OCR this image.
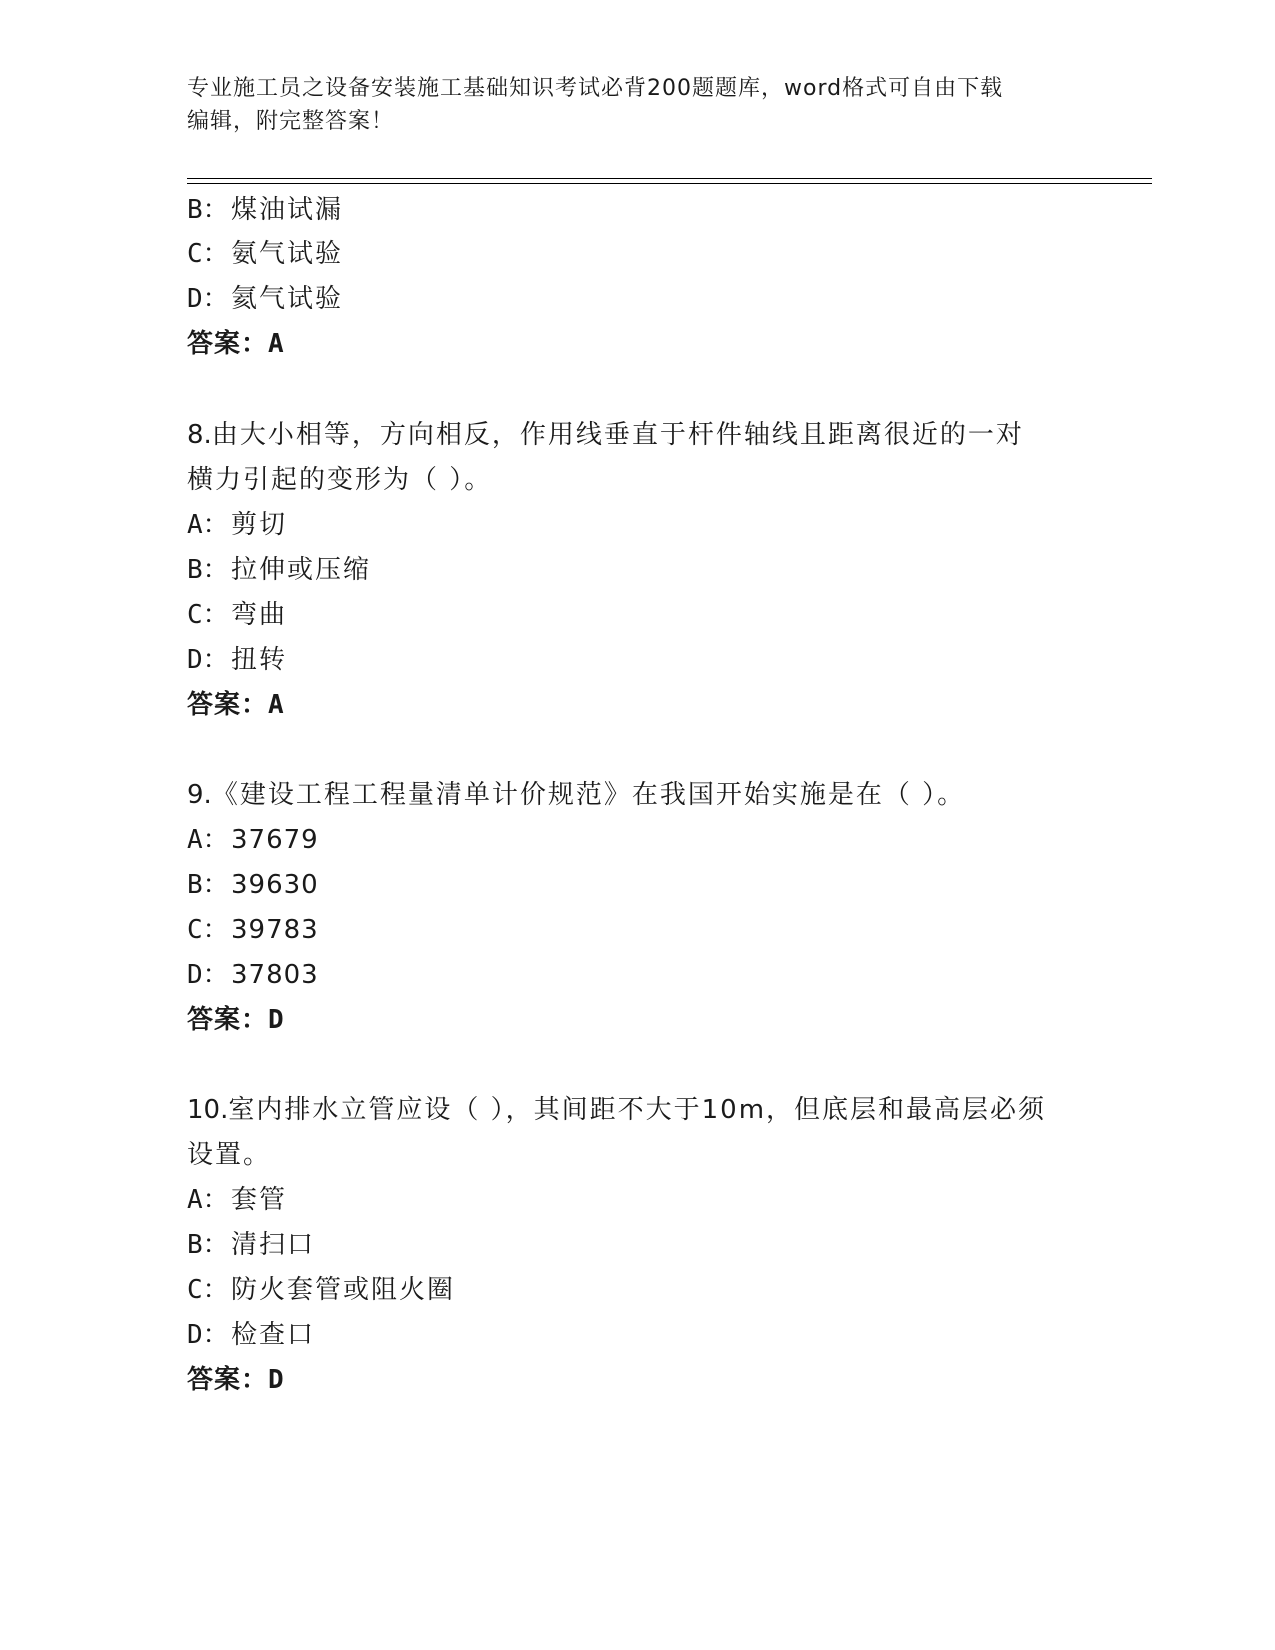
专业施工员之设备安装施工基础知识考试必背200题题库，word格式可自由下载
编辑，附完整答案！
B：煤油试漏
C：氨气试验
D：氦气试验
答案：A
8.由大小相等，方向相反，作用线垂直于杆件轴线且距离很近的一对
横力引起的变形为（ ）。
A：剪切
B：拉伸或压缩
C：弯曲
D：扭转
答案：A
9.《建设工程工程量清单计价规范》在我国开始实施是在（ ）。
A：37679
B：39630
C：39783
D：37803
答案：D
10.室内排水立管应设（ ），其间距不大于10m，但底层和最高层必须
设置。
A：套管
B：清扫口
C：防火套管或阻火圈
D：检查口
答案：D
